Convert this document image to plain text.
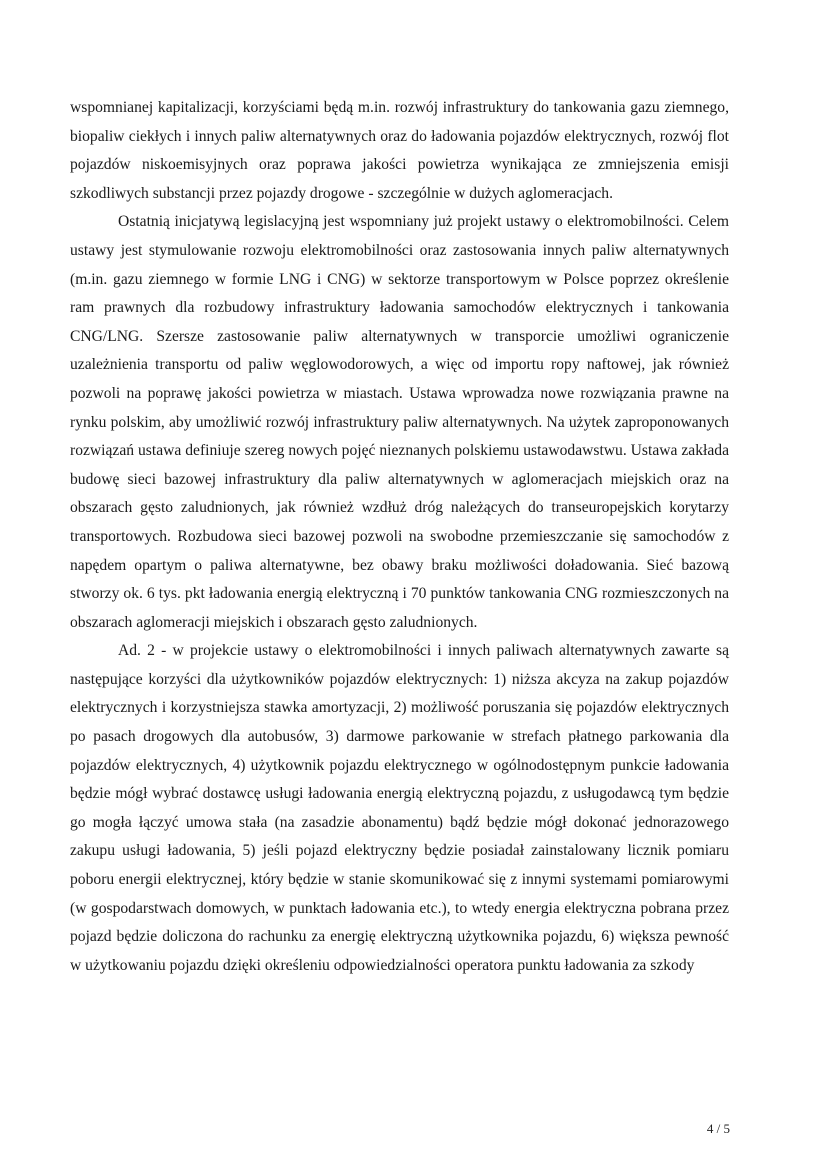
wspomnianej kapitalizacji, korzyściami będą m.in. rozwój infrastruktury do tankowania gazu ziemnego, biopaliw ciekłych i innych paliw alternatywnych oraz do ładowania pojazdów elektrycznych, rozwój flot pojazdów niskoemisyjnych oraz poprawa jakości powietrza wynikająca ze zmniejszenia emisji szkodliwych substancji przez pojazdy drogowe - szczególnie w dużych aglomeracjach.

Ostatnią inicjatywą legislacyjną jest wspomniany już projekt ustawy o elektromobilności. Celem ustawy jest stymulowanie rozwoju elektromobilności oraz zastosowania innych paliw alternatywnych (m.in. gazu ziemnego w formie LNG i CNG) w sektorze transportowym w Polsce poprzez określenie ram prawnych dla rozbudowy infrastruktury ładowania samochodów elektrycznych i tankowania CNG/LNG. Szersze zastosowanie paliw alternatywnych w transporcie umożliwi ograniczenie uzależnienia transportu od paliw węglowodorowych, a więc od importu ropy naftowej, jak również pozwoli na poprawę jakości powietrza w miastach. Ustawa wprowadza nowe rozwiązania prawne na rynku polskim, aby umożliwić rozwój infrastruktury paliw alternatywnych. Na użytek zaproponowanych rozwiązań ustawa definiuje szereg nowych pojęć nieznanych polskiemu ustawodawstwu. Ustawa zakłada budowę sieci bazowej infrastruktury dla paliw alternatywnych w aglomeracjach miejskich oraz na obszarach gęsto zaludnionych, jak również wzdłuż dróg należących do transeuropejskich korytarzy transportowych. Rozbudowa sieci bazowej pozwoli na swobodne przemieszczanie się samochodów z napędem opartym o paliwa alternatywne, bez obawy braku możliwości doładowania. Sieć bazową stworzy ok. 6 tys. pkt ładowania energią elektryczną i 70 punktów tankowania CNG rozmieszczonych na obszarach aglomeracji miejskich i obszarach gęsto zaludnionych.

Ad. 2 - w projekcie ustawy o elektromobilności i innych paliwach alternatywnych zawarte są następujące korzyści dla użytkowników pojazdów elektrycznych: 1) niższa akcyza na zakup pojazdów elektrycznych i korzystniejsza stawka amortyzacji, 2) możliwość poruszania się pojazdów elektrycznych po pasach drogowych dla autobusów, 3) darmowe parkowanie w strefach płatnego parkowania dla pojazdów elektrycznych, 4) użytkownik pojazdu elektrycznego w ogólnodostępnym punkcie ładowania będzie mógł wybrać dostawcę usługi ładowania energią elektryczną pojazdu, z usługodawcą tym będzie go mogła łączyć umowa stała (na zasadzie abonamentu) bądź będzie mógł dokonać jednorazowego zakupu usługi ładowania, 5) jeśli pojazd elektryczny będzie posiadał zainstalowany licznik pomiaru poboru energii elektrycznej, który będzie w stanie skomunikować się z innymi systemami pomiarowymi (w gospodarstwach domowych, w punktach ładowania etc.), to wtedy energia elektryczna pobrana przez pojazd będzie doliczona do rachunku za energię elektryczną użytkownika pojazdu, 6) większa pewność w użytkowaniu pojazdu dzięki określeniu odpowiedzialności operatora punktu ładowania za szkody

4 / 5
